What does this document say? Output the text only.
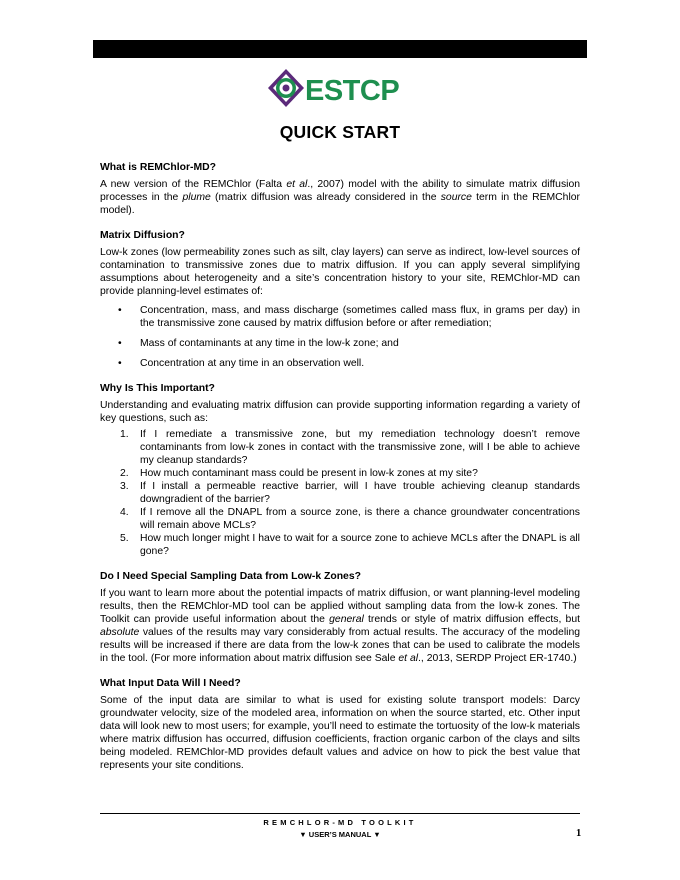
ESTCP
QUICK START
What is REMChlor-MD?

A new version of the REMChlor (Falta et al., 2007) model with the ability to simulate matrix diffusion processes in the plume (matrix diffusion was already considered in the source term in the REMChlor model).

Matrix Diffusion?

Low-k zones (low permeability zones such as silt, clay layers) can serve as indirect, low-level sources of contamination to transmissive zones due to matrix diffusion. If you can apply several simplifying assumptions about heterogeneity and a site’s concentration history to your site, REMChlor-MD can provide planning-level estimates of:

• Concentration, mass, and mass discharge (sometimes called mass flux, in grams per day) in the transmissive zone caused by matrix diffusion before or after remediation;
• Mass of contaminants at any time in the low-k zone; and
• Concentration at any time in an observation well.
Why Is This Important?

Understanding and evaluating matrix diffusion can provide supporting information regarding a variety of key questions, such as:

1. If I remediate a transmissive zone, but my remediation technology doesn’t remove contaminants from low-k zones in contact with the transmissive zone, will I be able to achieve my cleanup standards?
2. How much contaminant mass could be present in low-k zones at my site?
3. If I install a permeable reactive barrier, will I have trouble achieving cleanup standards downgradient of the barrier?
4. If I remove all the DNAPL from a source zone, is there a chance groundwater concentrations will remain above MCLs?
5. How much longer might I have to wait for a source zone to achieve MCLs after the DNAPL is all gone?
Do I Need Special Sampling Data from Low-k Zones?

If you want to learn more about the potential impacts of matrix diffusion, or want planning-level modeling results, then the REMChlor-MD tool can be applied without sampling data from the low-k zones. The Toolkit can provide useful information about the general trends or style of matrix diffusion effects, but absolute values of the results may vary considerably from actual results. The accuracy of the modeling results will be increased if there are data from the low-k zones that can be used to calibrate the models in the tool. (For more information about matrix diffusion see Sale et al., 2013, SERDP Project ER-1740.)

What Input Data Will I Need?

Some of the input data are similar to what is used for existing solute transport models: Darcy groundwater velocity, size of the modeled area, information on when the source started, etc. Other input data will look new to most users; for example, you’ll need to estimate the tortuosity of the low-k materials where matrix diffusion has occurred, diffusion coefficients, fraction organic carbon of the clays and silts being modeled. REMChlor-MD provides default values and advice on how to pick the best value that represents your site conditions.

REMCHLOR-MD TOOLKIT
▼ USER’S MANUAL ▼	1
